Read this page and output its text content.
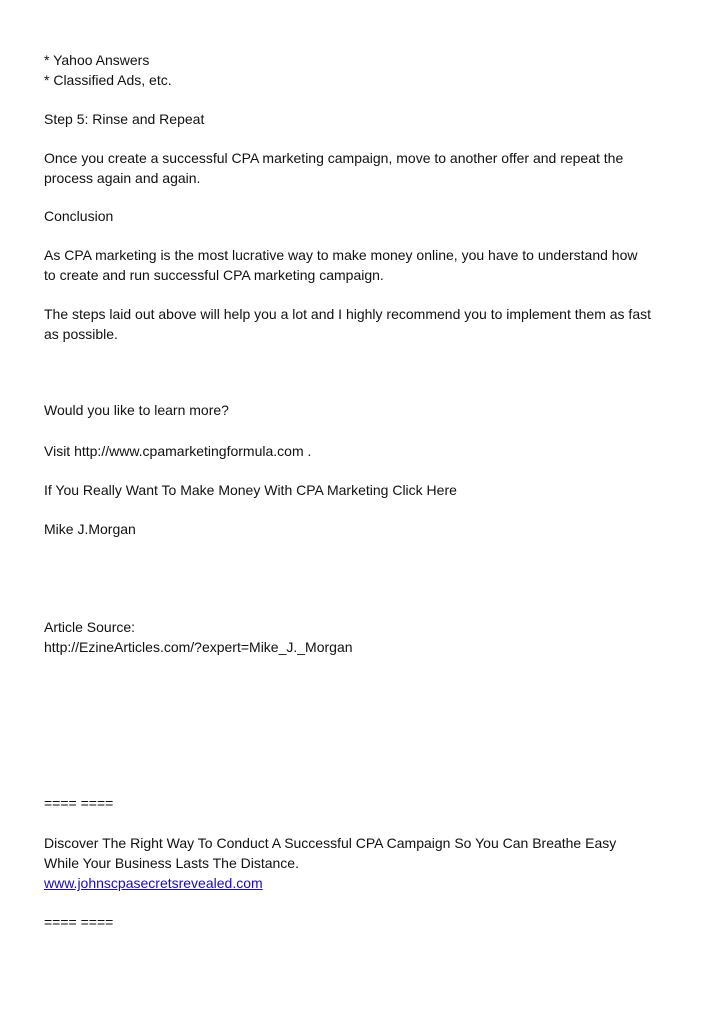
* Yahoo Answers
* Classified Ads, etc.
Step 5: Rinse and Repeat
Once you create a successful CPA marketing campaign, move to another offer and repeat the
process again and again.
Conclusion
As CPA marketing is the most lucrative way to make money online, you have to understand how
to create and run successful CPA marketing campaign.
The steps laid out above will help you a lot and I highly recommend you to implement them as fast
as possible.
Would you like to learn more?
Visit http://www.cpamarketingformula.com .
If You Really Want To Make Money With CPA Marketing Click Here
Mike J.Morgan
Article Source:
http://EzineArticles.com/?expert=Mike_J._Morgan
==== ====
Discover The Right Way To Conduct A Successful CPA Campaign So You Can Breathe Easy
While Your Business Lasts The Distance.
www.johnscpasecretsrevealed.com
==== ====
